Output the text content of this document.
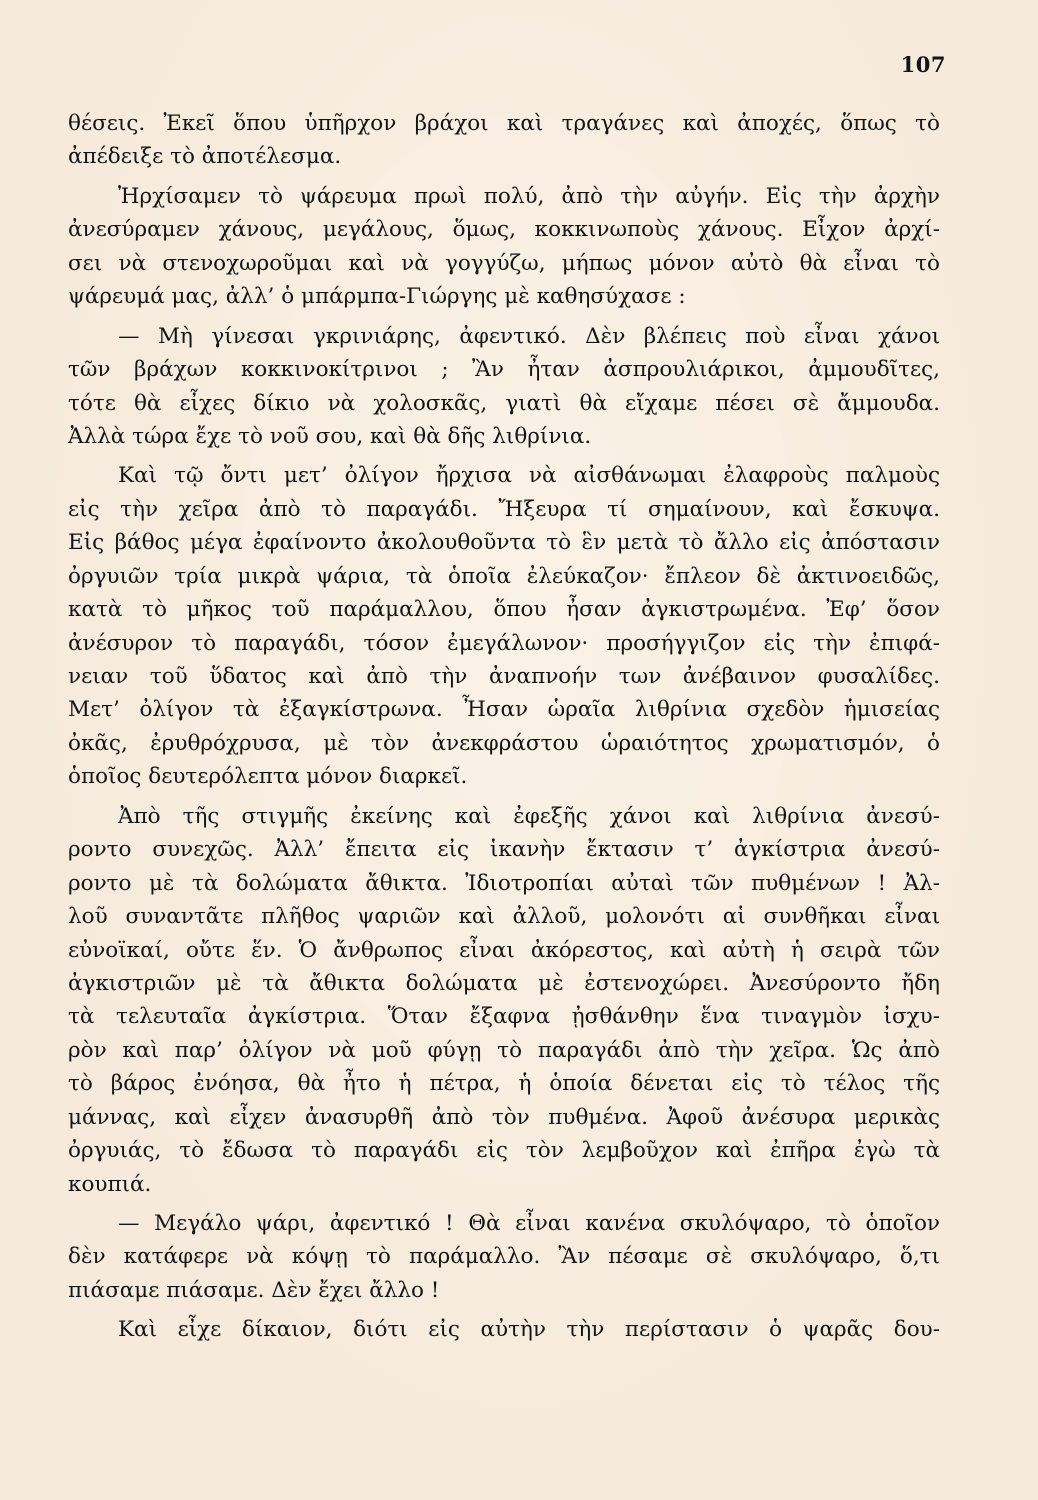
107
θέσεις. Ἐκεῖ ὅπου ὑπῆρχον βράχοι καὶ τραγάνες καὶ ἀποχές, ὅπως τὸ
ἀπέδειξε τὸ ἀποτέλεσμα.
Ἠρχίσαμεν τὸ ψάρευμα πρωὶ πολύ, ἀπὸ τὴν αὐγήν. Εἰς τὴν ἀρχὴν
ἀνεσύραμεν χάνους, μεγάλους, ὅμως, κοκκινωποὺς χάνους. Εἶχον ἀρχί-
σει νὰ στενοχωροῦμαι καὶ νὰ γογγύζω, μήπως μόνον αὐτὸ θὰ εἶναι τὸ
ψάρευμά μας, ἀλλ’ ὁ μπάρμπα-Γιώργης μὲ καθησύχασε :
— Μὴ γίνεσαι γκρινιάρης, ἀφεντικό. Δὲν βλέπεις ποὺ εἶναι χάνοι
τῶν βράχων κοκκινοκίτρινοι ; Ἂν ἦταν ἀσπρουλιάρικοι, ἀμμουδῖτες,
τότε θὰ εἶχες δίκιο νὰ χολοσκᾶς, γιατὶ θὰ εἴχαμε πέσει σὲ ἄμμουδα.
Ἀλλὰ τώρα ἔχε τὸ νοῦ σου, καὶ θὰ δῆς λιθρίνια.
Καὶ τῷ ὄντι μετ’ ὀλίγον ἤρχισα νὰ αἰσθάνωμαι ἐλαφροὺς παλμοὺς
εἰς τὴν χεῖρα ἀπὸ τὸ παραγάδι. Ἤξευρα τί σημαίνουν, καὶ ἔσκυψα.
Εἰς βάθος μέγα ἐφαίνοντο ἀκολουθοῦντα τὸ ἓν μετὰ τὸ ἄλλο εἰς ἀπόστασιν
ὀργυιῶν τρία μικρὰ ψάρια, τὰ ὁποῖα ἐλεύκαζον· ἔπλεον δὲ ἀκτινοειδῶς,
κατὰ τὸ μῆκος τοῦ παράμαλλου, ὅπου ἦσαν ἀγκιστρωμένα. Ἐφ’ ὅσον
ἀνέσυρον τὸ παραγάδι, τόσον ἐμεγάλωνον· προσήγγιζον εἰς τὴν ἐπιφά-
νειαν τοῦ ὕδατος καὶ ἀπὸ τὴν ἀναπνοήν των ἀνέβαινον φυσαλίδες.
Μετ’ ὀλίγον τὰ ἐξαγκίστρωνα. Ἦσαν ὡραῖα λιθρίνια σχεδὸν ἡμισείας
ὀκᾶς, ἐρυθρόχρυσα, μὲ τὸν ἀνεκφράστου ὡραιότητος χρωματισμόν, ὁ
ὁποῖος δευτερόλεπτα μόνον διαρκεῖ.
Ἀπὸ τῆς στιγμῆς ἐκείνης καὶ ἐφεξῆς χάνοι καὶ λιθρίνια ἀνεσύ-
ροντο συνεχῶς. Ἀλλ’ ἔπειτα εἰς ἱκανὴν ἔκτασιν τ’ ἀγκίστρια ἀνεσύ-
ροντο μὲ τὰ δολώματα ἄθικτα. Ἰδιοτροπίαι αὐταὶ τῶν πυθμένων ! Ἀλ-
λοῦ συναντᾶτε πλῆθος ψαριῶν καὶ ἀλλοῦ, μολονότι αἱ συνθῆκαι εἶναι
εὐνοϊκαί, οὔτε ἕν. Ὁ ἄνθρωπος εἶναι ἀκόρεστος, καὶ αὐτὴ ἡ σειρὰ τῶν
ἀγκιστριῶν μὲ τὰ ἄθικτα δολώματα μὲ ἐστενοχώρει. Ἀνεσύροντο ἤδη
τὰ τελευταῖα ἀγκίστρια. Ὅταν ἔξαφνα ᾐσθάνθην ἕνα τιναγμὸν ἰσχυ-
ρὸν καὶ παρ’ ὀλίγον νὰ μοῦ φύγῃ τὸ παραγάδι ἀπὸ τὴν χεῖρα. Ὡς ἀπὸ
τὸ βάρος ἐνόησα, θὰ ἦτο ἡ πέτρα, ἡ ὁποία δένεται εἰς τὸ τέλος τῆς
μάννας, καὶ εἶχεν ἀνασυρθῆ ἀπὸ τὸν πυθμένα. Ἀφοῦ ἀνέσυρα μερικὰς
ὀργυιάς, τὸ ἔδωσα τὸ παραγάδι εἰς τὸν λεμβοῦχον καὶ ἐπῆρα ἐγὼ τὰ
κουπιά.
— Μεγάλο ψάρι, ἀφεντικό ! Θὰ εἶναι κανένα σκυλόψαρο, τὸ ὁποῖον
δὲν κατάφερε νὰ κόψῃ τὸ παράμαλλο. Ἂν πέσαμε σὲ σκυλόψαρο, ὅ,τι
πιάσαμε πιάσαμε. Δὲν ἔχει ἄλλο !
Καὶ εἶχε δίκαιον, διότι εἰς αὐτὴν τὴν περίστασιν ὁ ψαρᾶς δου-
